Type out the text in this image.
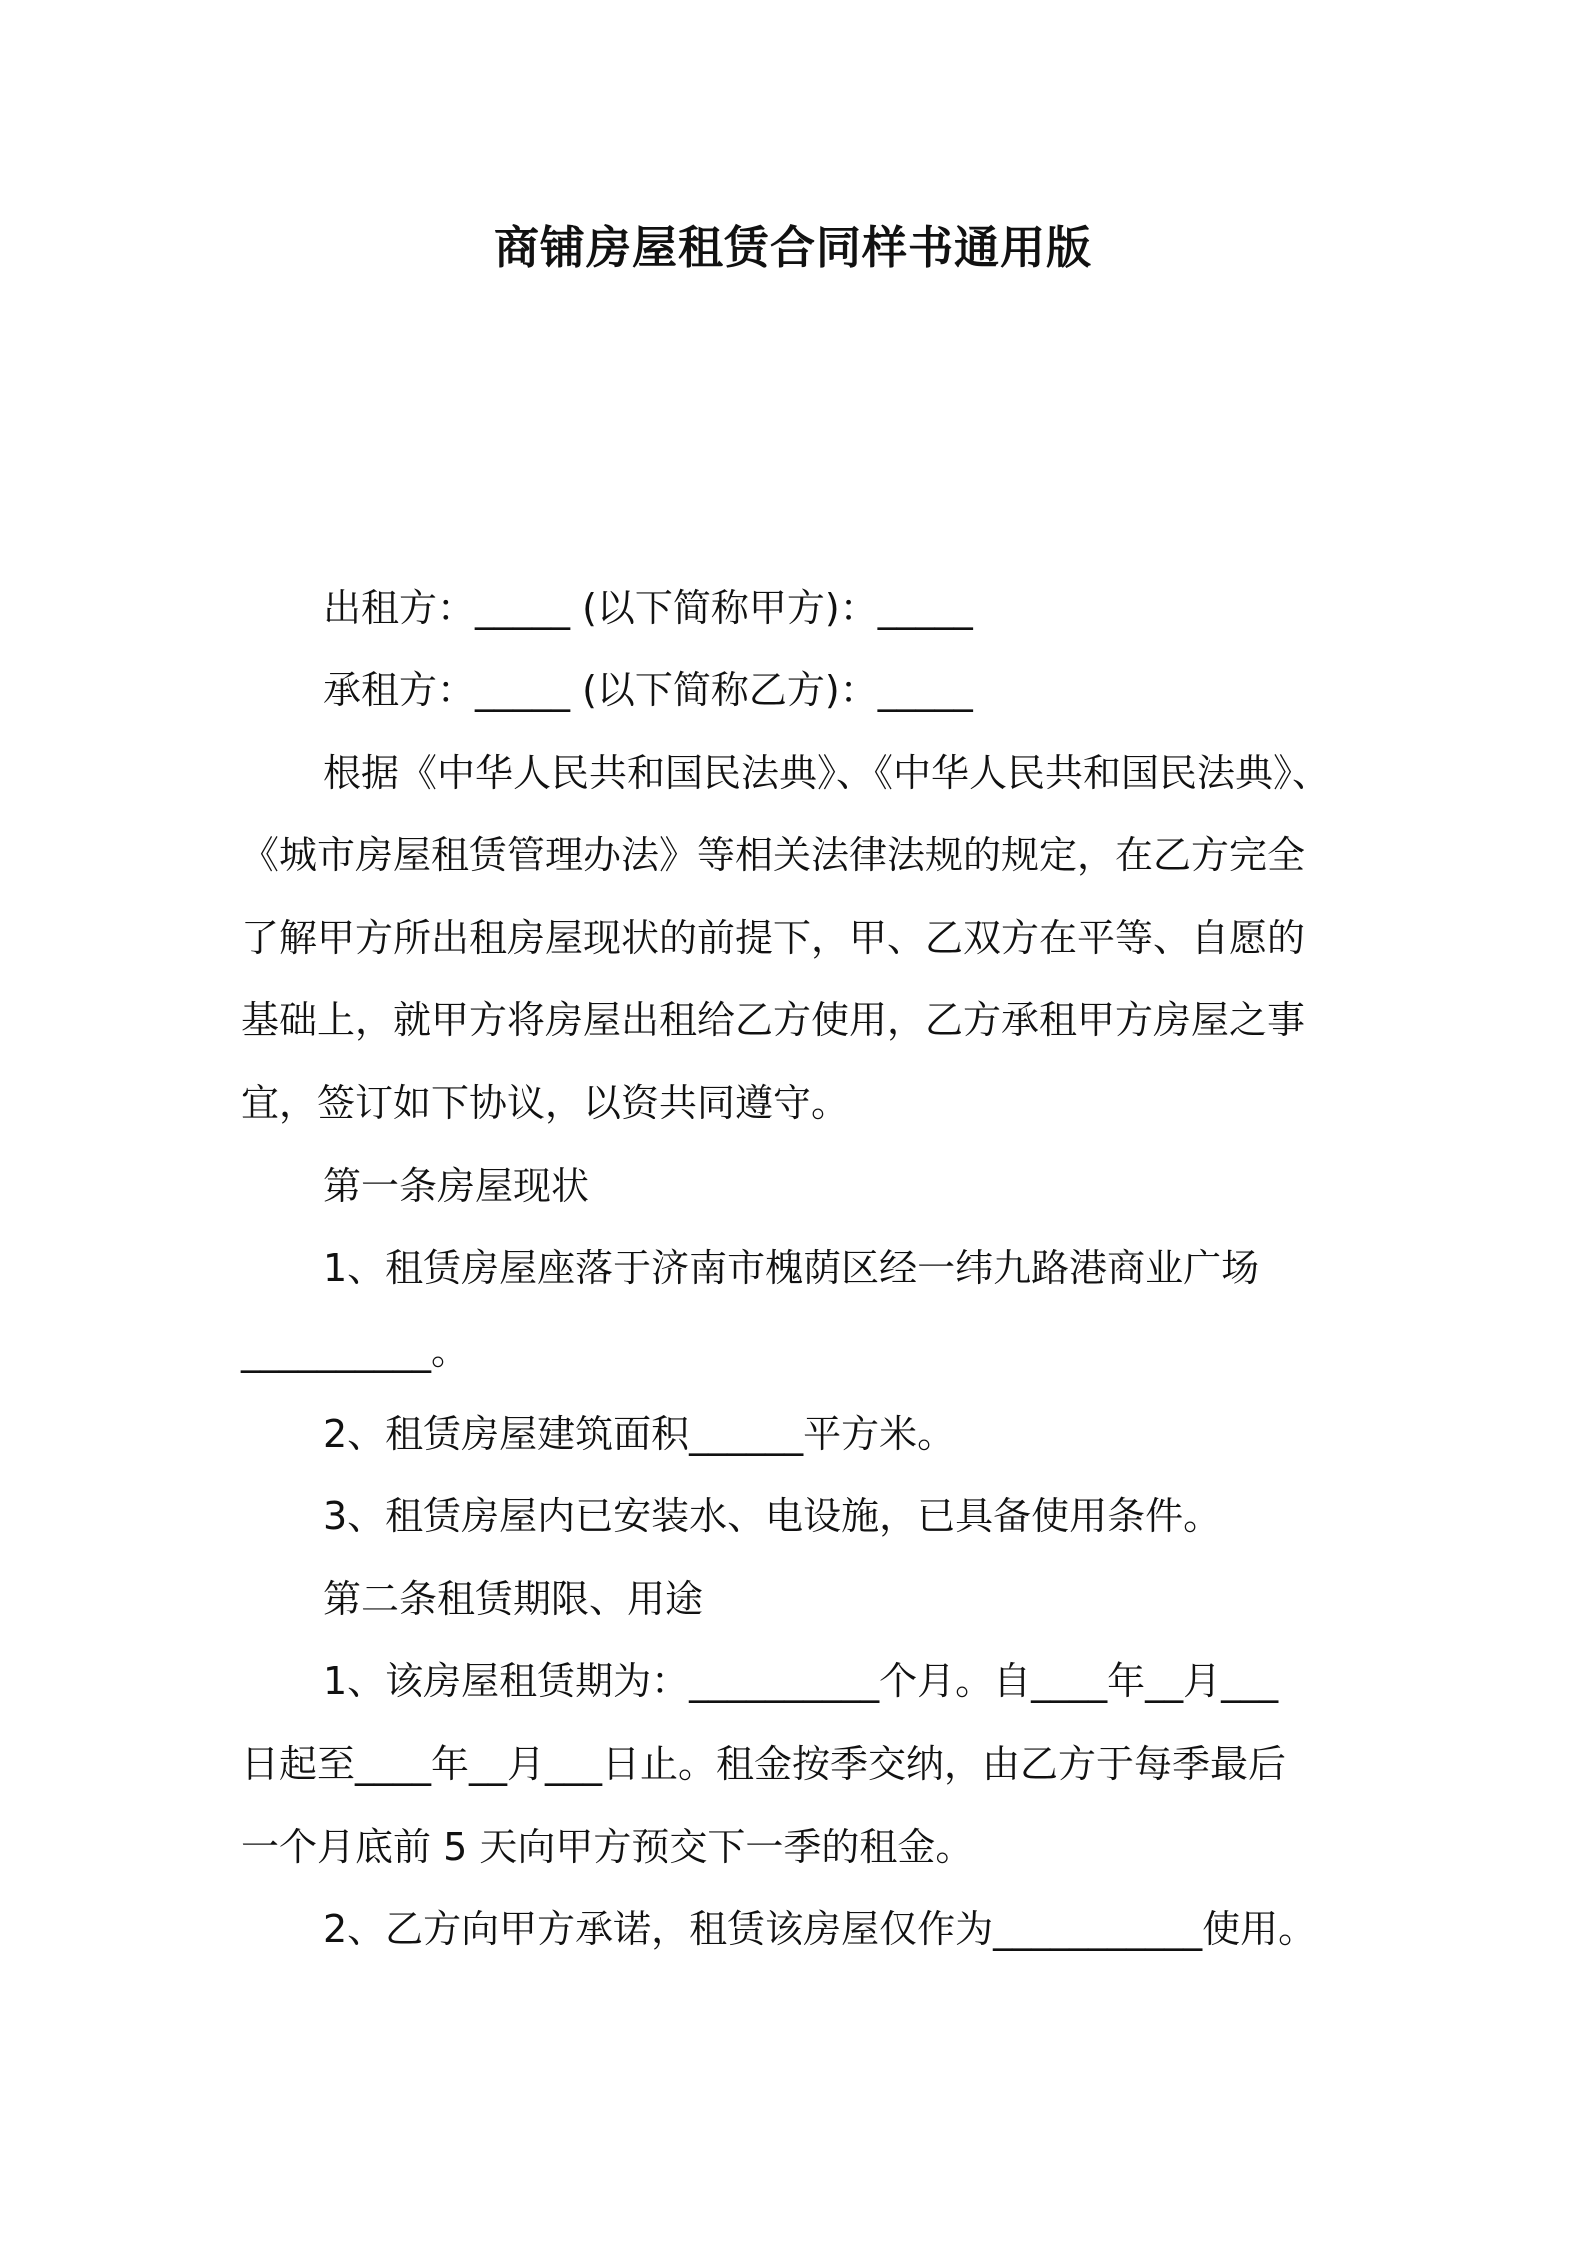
商铺房屋租赁合同样书通用版
出租方：_____ (以下简称甲方)：_____
承租方：_____ (以下简称乙方)：_____
根据《中华人民共和国民法典》、《中华人民共和国民法典》、
《城市房屋租赁管理办法》等相关法律法规的规定，在乙方完全
了解甲方所出租房屋现状的前提下，甲、乙双方在平等、自愿的
基础上，就甲方将房屋出租给乙方使用，乙方承租甲方房屋之事
宜，签订如下协议，以资共同遵守。
第一条房屋现状
1、租赁房屋座落于济南市槐荫区经一纬九路港商业广场
__________。
2、租赁房屋建筑面积______平方米。
3、租赁房屋内已安装水、电设施，已具备使用条件。
第二条租赁期限、用途
1、该房屋租赁期为：__________个月。自____年__月___
日起至____年__月___日止。租金按季交纳，由乙方于每季最后
一个月底前 5 天向甲方预交下一季的租金。
2、乙方向甲方承诺，租赁该房屋仅作为___________使用。
